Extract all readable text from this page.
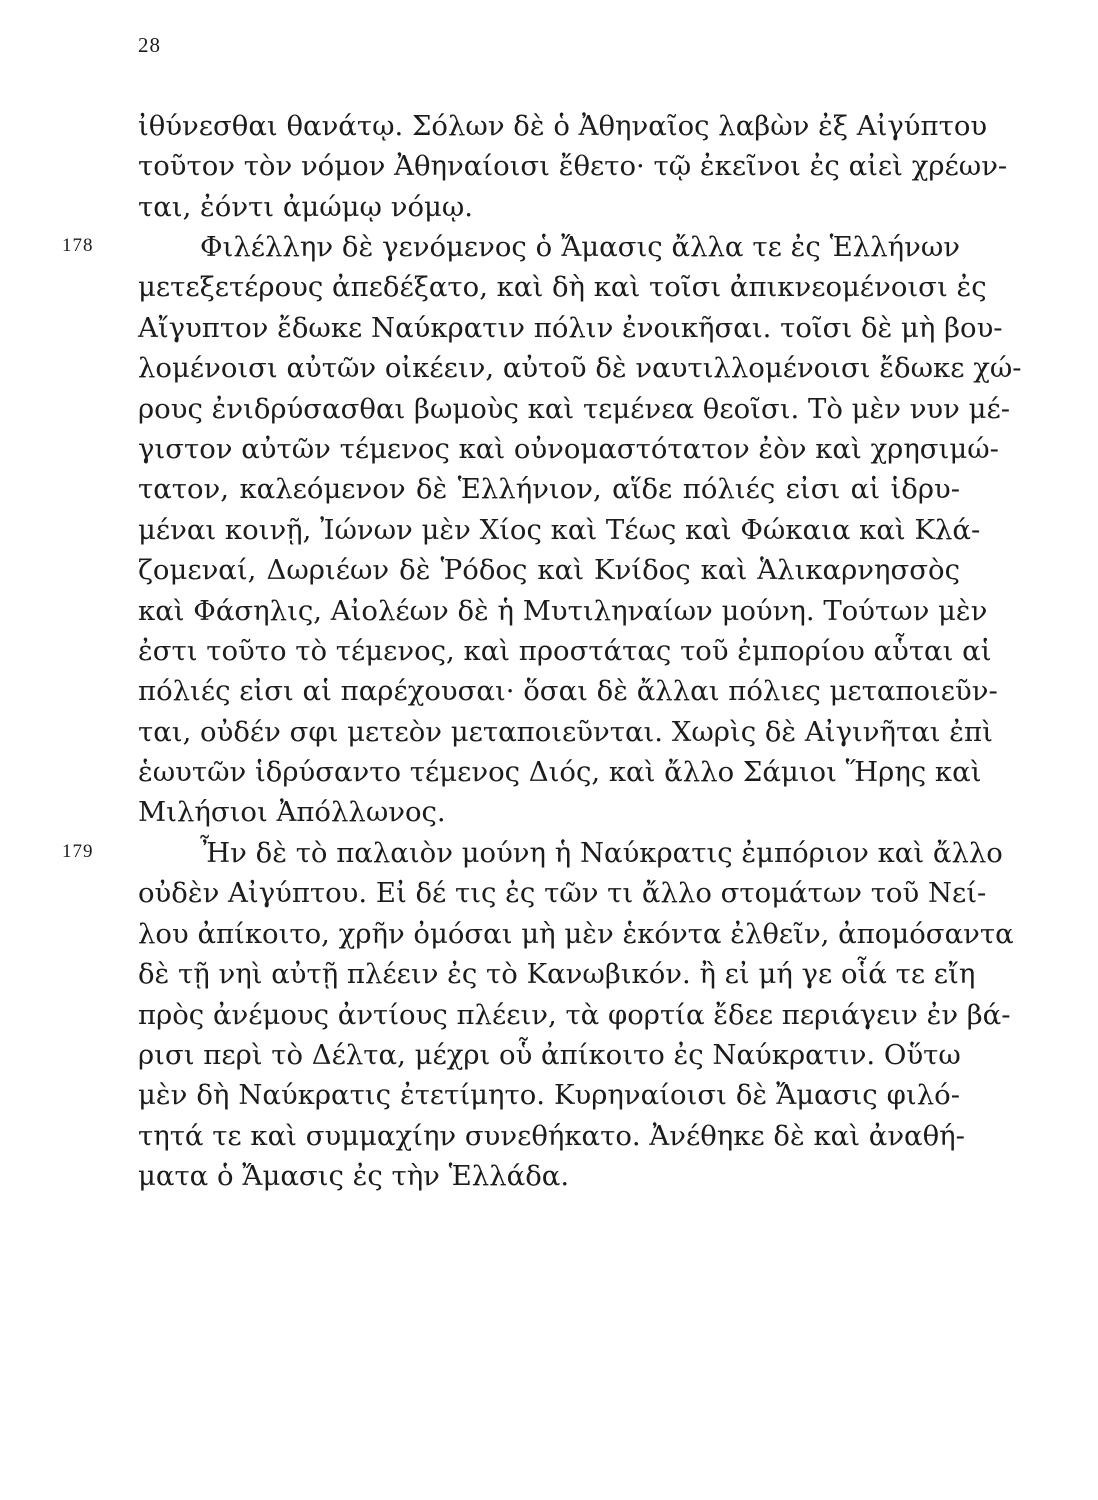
28
178
179
ἰθύνεσθαι θανάτῳ. Σόλων δὲ ὁ Ἀθηναῖος λαβὼν ἐξ Αἰγύπτου
τοῦτον τὸν νόμον Ἀθηναίοισι ἔθετο· τῷ ἐκεῖνοι ἐς αἰεὶ χρέων-
ται, ἐόντι ἀμώμῳ νόμῳ.
Φιλέλλην δὲ γενόμενος ὁ Ἄμασις ἄλλα τε ἐς Ἑλλήνων
μετεξετέρους ἀπεδέξατο, καὶ δὴ καὶ τοῖσι ἀπικνεομένοισι ἐς
Αἴγυπτον ἔδωκε Ναύκρατιν πόλιν ἐνοικῆσαι. τοῖσι δὲ μὴ βου-
λομένοισι αὐτῶν οἰκέειν, αὐτοῦ δὲ ναυτιλλομένοισι ἔδωκε χώ-
ρους ἐνιδρύσασθαι βωμοὺς καὶ τεμένεα θεοῖσι. Τὸ μὲν νυν μέ-
γιστον αὐτῶν τέμενος καὶ οὐνομαστότατον ἐὸν καὶ χρησιμώ-
τατον, καλεόμενον δὲ Ἑλλήνιον, αἵδε πόλιές εἰσι αἱ ἱδρυ-
μέναι κοινῇ, Ἰώνων μὲν Χίος καὶ Τέως καὶ Φώκαια καὶ Κλά-
ζομεναί, Δωριέων δὲ Ῥόδος καὶ Κνίδος καὶ Ἁλικαρνησσὸς
καὶ Φάσηλις, Αἰολέων δὲ ἡ Μυτιληναίων μούνη. Τούτων μὲν
ἐστι τοῦτο τὸ τέμενος, καὶ προστάτας τοῦ ἐμπορίου αὗται αἱ
πόλιές εἰσι αἱ παρέχουσαι· ὅσαι δὲ ἄλλαι πόλιες μεταποιεῦν-
ται, οὐδέν σφι μετεὸν μεταποιεῦνται. Χωρὶς δὲ Αἰγινῆται ἐπὶ
ἑωυτῶν ἱδρύσαντο τέμενος Διός, καὶ ἄλλο Σάμιοι Ἥρης καὶ
Μιλήσιοι Ἀπόλλωνος.
Ἦν δὲ τὸ παλαιὸν μούνη ἡ Ναύκρατις ἐμπόριον καὶ ἄλλο
οὐδὲν Αἰγύπτου. Εἰ δέ τις ἐς τῶν τι ἄλλο στομάτων τοῦ Νεί-
λου ἀπίκοιτο, χρῆν ὀμόσαι μὴ μὲν ἑκόντα ἐλθεῖν, ἀπομόσαντα
δὲ τῇ νηὶ αὐτῇ πλέειν ἐς τὸ Κανωβικόν. ἢ εἰ μή γε οἷά τε εἴη
πρὸς ἀνέμους ἀντίους πλέειν, τὰ φορτία ἔδεε περιάγειν ἐν βά-
ρισι περὶ τὸ Δέλτα, μέχρι οὗ ἀπίκοιτο ἐς Ναύκρατιν. Οὕτω
μὲν δὴ Ναύκρατις ἐτετίμητο. Κυρηναίοισι δὲ Ἄμασις φιλό-
τητά τε καὶ συμμαχίην συνεθήκατο. Ἀνέθηκε δὲ καὶ ἀναθή-
ματα ὁ Ἄμασις ἐς τὴν Ἑλλάδα.
